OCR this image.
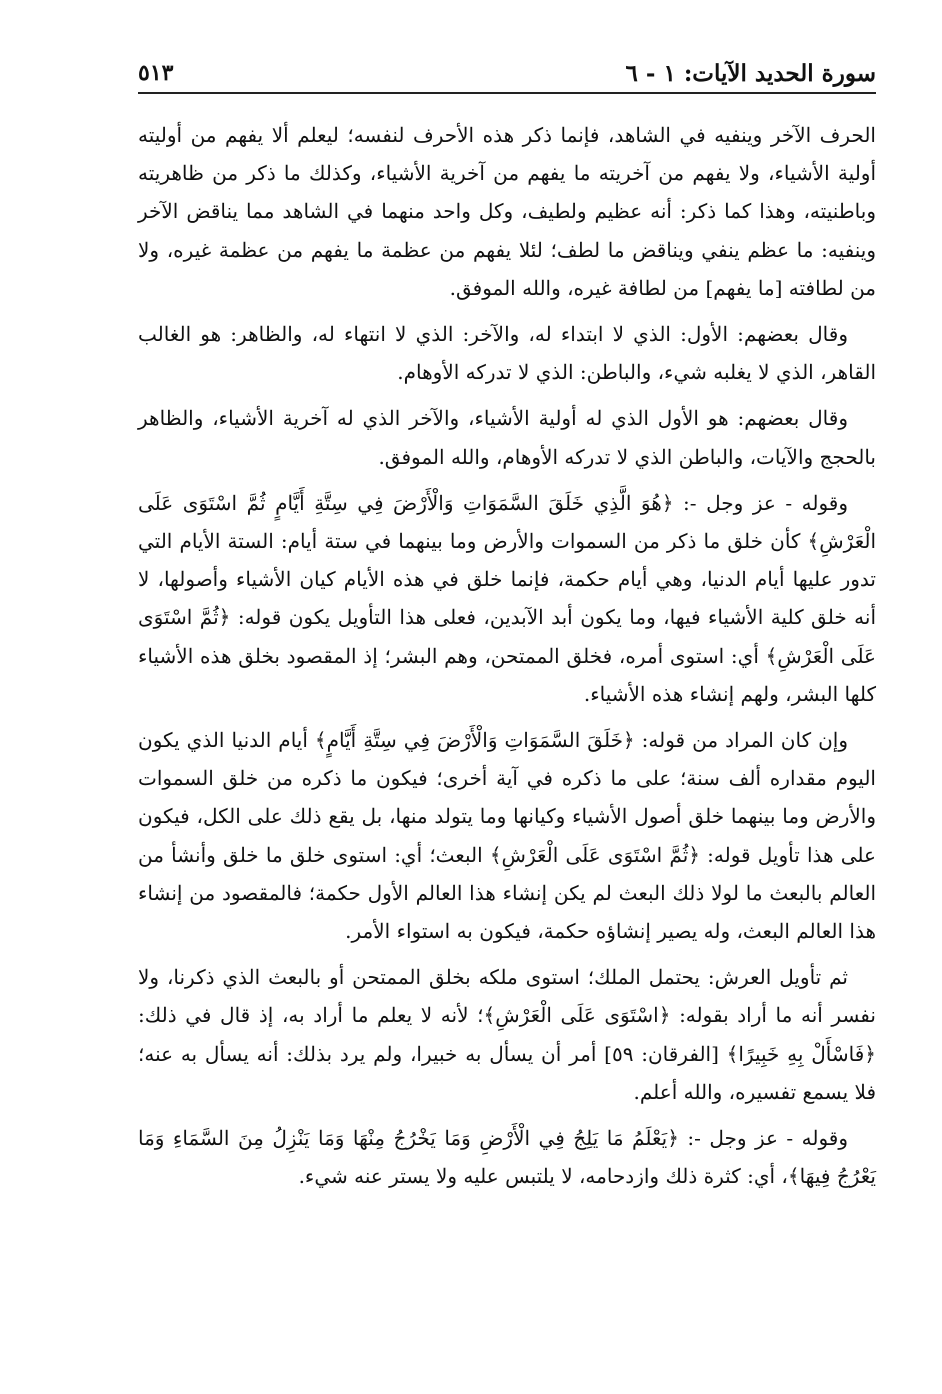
سورة الحديد الآيات: ١ - ٦
٥١٣

الحرف الآخر وينفيه في الشاهد، فإنما ذكر هذه الأحرف لنفسه؛ ليعلم ألا يفهم من أوليته أولية الأشياء، ولا يفهم من آخريته ما يفهم من آخرية الأشياء، وكذلك ما ذكر من ظاهريته وباطنيته، وهذا كما ذكر: أنه عظيم ولطيف، وكل واحد منهما في الشاهد مما يناقض الآخر وينفيه: ما عظم ينفي ويناقض ما لطف؛ لئلا يفهم من عظمة ما يفهم من عظمة غيره، ولا من لطافته [ما يفهم] من لطافة غيره، والله الموفق.

وقال بعضهم: الأول: الذي لا ابتداء له، والآخر: الذي لا انتهاء له، والظاهر: هو الغالب القاهر، الذي لا يغلبه شيء، والباطن: الذي لا تدركه الأوهام.

وقال بعضهم: هو الأول الذي له أولية الأشياء، والآخر الذي له آخرية الأشياء، والظاهر بالحجج والآيات، والباطن الذي لا تدركه الأوهام، والله الموفق.

وقوله - عز وجل -: ﴿هُوَ الَّذِي خَلَقَ السَّمَوَاتِ وَالْأَرْضَ فِي سِتَّةِ أَيَّامٍ ثُمَّ اسْتَوَى عَلَى الْعَرْشِ﴾ كأن خلق ما ذكر من السموات والأرض وما بينهما في ستة أيام: الستة الأيام التي تدور عليها أيام الدنيا، وهي أيام حكمة، فإنما خلق في هذه الأيام كيان الأشياء وأصولها، لا أنه خلق كلية الأشياء فيها، وما يكون أبد الآبدين، فعلى هذا التأويل يكون قوله: ﴿ثُمَّ اسْتَوَى عَلَى الْعَرْشِ﴾ أي: استوى أمره، فخلق الممتحن، وهم البشر؛ إذ المقصود بخلق هذه الأشياء كلها البشر، ولهم إنشاء هذه الأشياء.

وإن كان المراد من قوله: ﴿خَلَقَ السَّمَوَاتِ وَالْأَرْضَ فِي سِتَّةِ أَيَّامٍ﴾ أيام الدنيا الذي يكون اليوم مقداره ألف سنة؛ على ما ذكره في آية أخرى؛ فيكون ما ذكره من خلق السموات والأرض وما بينهما خلق أصول الأشياء وكيانها وما يتولد منها، بل يقع ذلك على الكل، فيكون على هذا تأويل قوله: ﴿ثُمَّ اسْتَوَى عَلَى الْعَرْشِ﴾ البعث؛ أي: استوى خلق ما خلق وأنشأ من العالم بالبعث ما لولا ذلك البعث لم يكن إنشاء هذا العالم الأول حكمة؛ فالمقصود من إنشاء هذا العالم البعث، وله يصير إنشاؤه حكمة، فيكون به استواء الأمر.

ثم تأويل العرش: يحتمل الملك؛ استوى ملكه بخلق الممتحن أو بالبعث الذي ذكرنا، ولا نفسر أنه ما أراد بقوله: ﴿اسْتَوَى عَلَى الْعَرْشِ﴾؛ لأنه لا يعلم ما أراد به، إذ قال في ذلك: ﴿فَاسْأَلْ بِهِ خَبِيرًا﴾ [الفرقان: ٥٩] أمر أن يسأل به خبيرا، ولم يرد بذلك: أنه يسأل به عنه؛ فلا يسمع تفسيره، والله أعلم.

وقوله - عز وجل -: ﴿يَعْلَمُ مَا يَلِجُ فِي الْأَرْضِ وَمَا يَخْرُجُ مِنْهَا وَمَا يَنْزِلُ مِنَ السَّمَاءِ وَمَا يَعْرُجُ فِيهَا﴾، أي: كثرة ذلك وازدحامه، لا يلتبس عليه ولا يستر عنه شيء.
